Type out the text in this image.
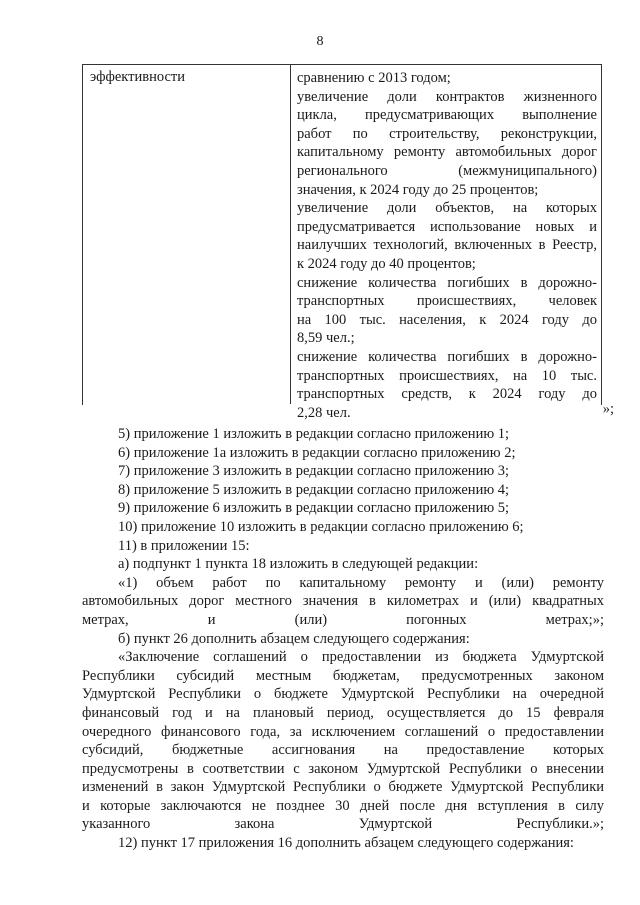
8
эффективности	сравнению с 2013 годом;
увеличение доли контрактов жизненного
цикла, предусматривающих выполнение
работ по строительству, реконструкции,
капитальному ремонту автомобильных дорог
регионального (межмуниципального)
значения, к 2024 году до 25 процентов;
увеличение доли объектов, на которых
предусматривается использование новых и
наилучших технологий, включенных в Реестр,
к 2024 году до 40 процентов;
снижение количества погибших в дорожно-
транспортных происшествиях, человек
на 100 тыс. населения, к 2024 году до
8,59 чел.;
снижение количества погибших в дорожно-
транспортных происшествиях, на 10 тыс.
транспортных средств, к 2024 году до
2,28 чел.	»;
5) приложение 1 изложить в редакции согласно приложению 1;
6) приложение 1а изложить в редакции согласно приложению 2;
7) приложение 3 изложить в редакции согласно приложению 3;
8) приложение 5 изложить в редакции согласно приложению 4;
9) приложение 6 изложить в редакции согласно приложению 5;
10) приложение 10 изложить в редакции согласно приложению 6;
11) в приложении 15:
а) подпункт 1 пункта 18 изложить в следующей редакции:
«1) объем работ по капитальному ремонту и (или) ремонту
автомобильных дорог местного значения в километрах и (или) квадратных
метрах, и (или) погонных метрах;»;
б) пункт 26 дополнить абзацем следующего содержания:
«Заключение соглашений о предоставлении из бюджета Удмуртской
Республики субсидий местным бюджетам, предусмотренных законом
Удмуртской Республики о бюджете Удмуртской Республики на очередной
финансовый год и на плановый период, осуществляется до 15 февраля
очередного финансового года, за исключением соглашений о предоставлении
субсидий, бюджетные ассигнования на предоставление которых
предусмотрены в соответствии с законом Удмуртской Республики о внесении
изменений в закон Удмуртской Республики о бюджете Удмуртской Республики
и которые заключаются не позднее 30 дней после дня вступления в силу
указанного закона Удмуртской Республики.»;
12) пункт 17 приложения 16 дополнить абзацем следующего содержания:
